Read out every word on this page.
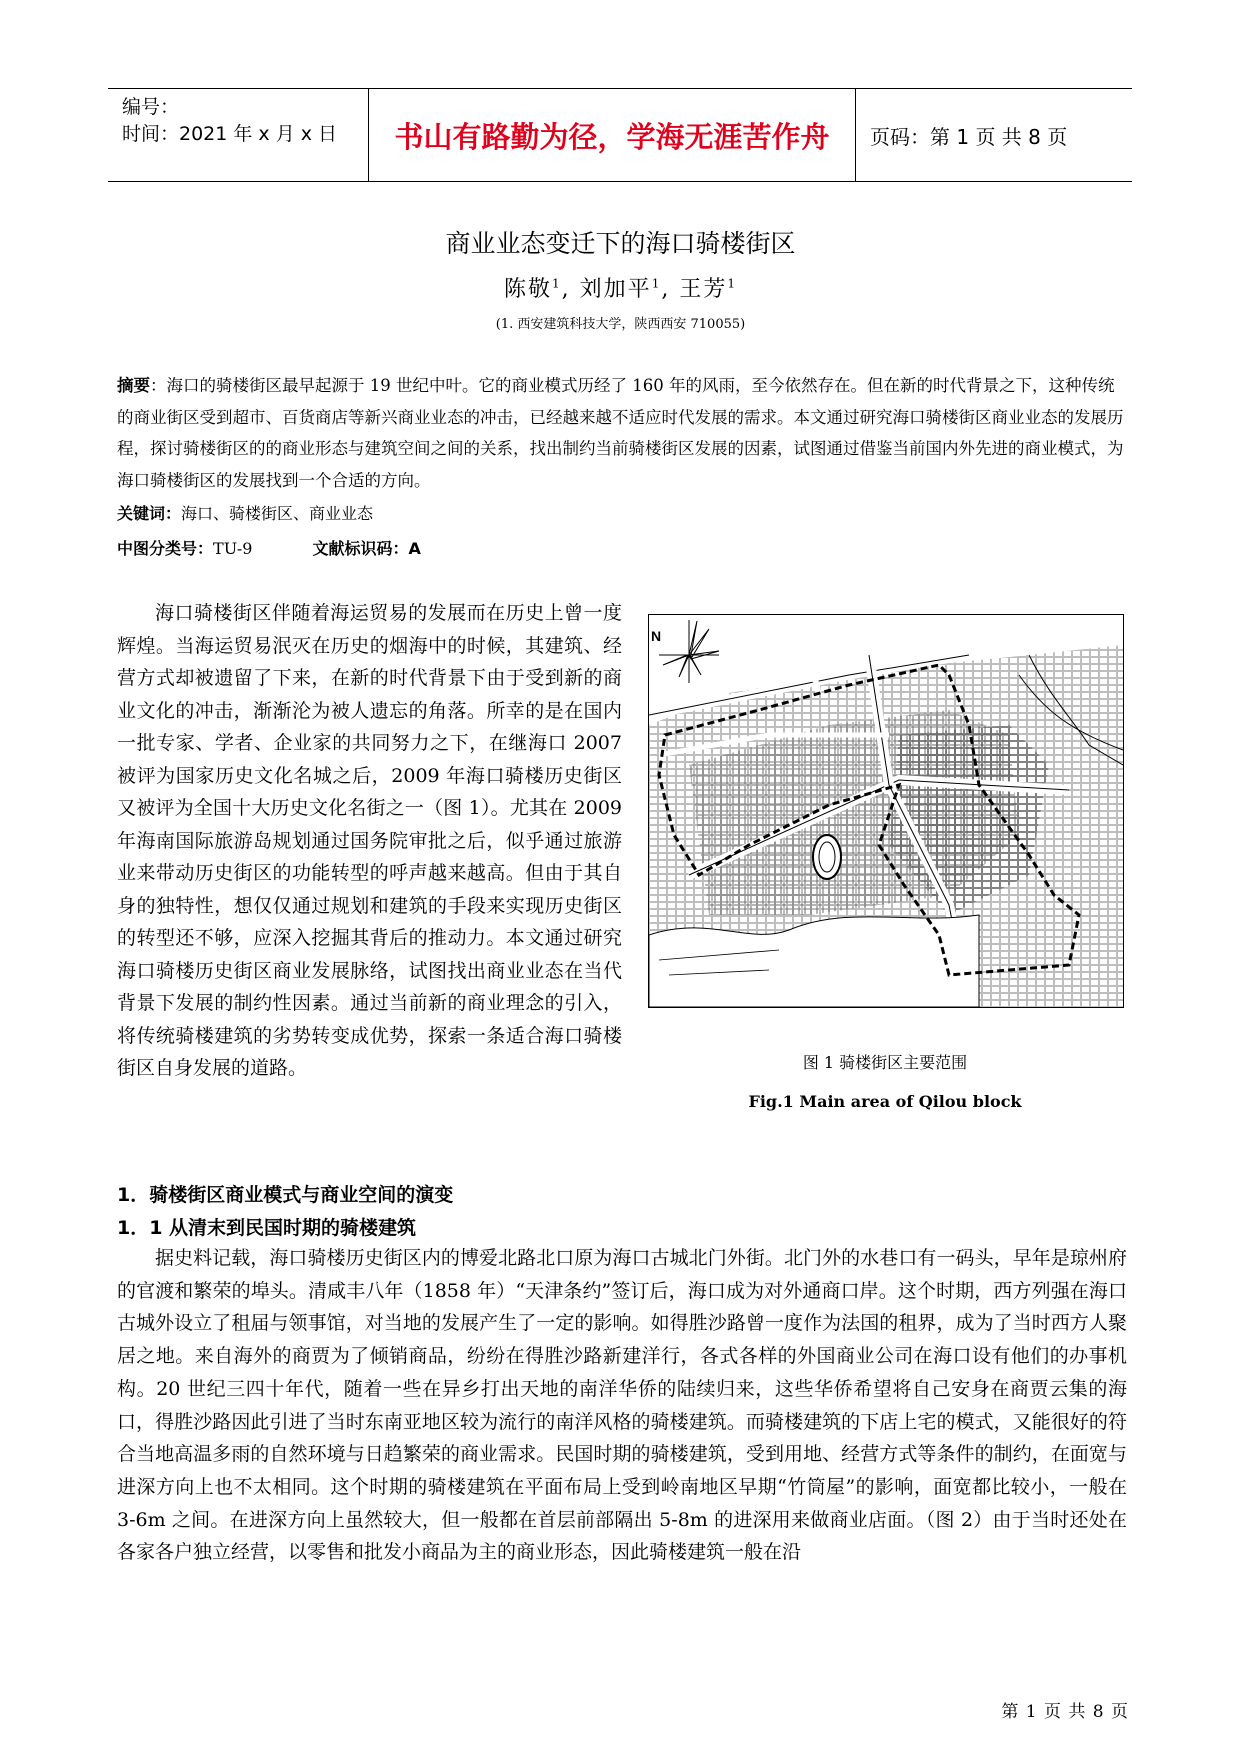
编号：
时间：2021 年 x 月 x 日	书山有路勤为径，学海无涯苦作舟	页码：第 1 页 共 8 页
商业业态变迁下的海口骑楼街区
陈敬$^1$, 刘加平$^1$, 王芳$^1$
(1. 西安建筑科技大学，陕西西安 710055)
摘要：海口的骑楼街区最早起源于 19 世纪中叶。它的商业模式历经了 160 年的风雨，至今依然存在。但在新的时代背景之下，这种传统的商业街区受到超市、百货商店等新兴商业业态的冲击，已经越来越不适应时代发展的需求。本文通过研究海口骑楼街区商业业态的发展历程，探讨骑楼街区的的商业形态与建筑空间之间的关系，找出制约当前骑楼街区发展的因素，试图通过借鉴当前国内外先进的商业模式，为海口骑楼街区的发展找到一个合适的方向。
关键词：海口、骑楼街区、商业业态
中图分类号：TU-9	文献标识码：A
海口骑楼街区伴随着海运贸易的发展而在历史上曾一度辉煌。当海运贸易泯灭在历史的烟海中的时候，其建筑、经营方式却被遗留了下来，在新的时代背景下由于受到新的商业文化的冲击，渐渐沦为被人遗忘的角落。所幸的是在国内一批专家、学者、企业家的共同努力之下，在继海口 2007 被评为国家历史文化名城之后，2009 年海口骑楼历史街区又被评为全国十大历史文化名街之一（图 1）。尤其在 2009 年海南国际旅游岛规划通过国务院审批之后，似乎通过旅游业来带动历史街区的功能转型的呼声越来越高。但由于其自身的独特性，想仅仅通过规划和建筑的手段来实现历史街区的转型还不够，应深入挖掘其背后的推动力。本文通过研究海口骑楼历史街区商业发展脉络，试图找出商业业态在当代背景下发展的制约性因素。通过当前新的商业理念的引入，将传统骑楼建筑的劣势转变成优势，探索一条适合海口骑楼街区自身发展的道路。
N
图 1 骑楼街区主要范围
Fig.1 Main area of Qilou block
1．骑楼街区商业模式与商业空间的演变
1．1 从清末到民国时期的骑楼建筑
据史料记载，海口骑楼历史街区内的博爱北路北口原为海口古城北门外街。北门外的水巷口有一码头，早年是琼州府的官渡和繁荣的埠头。清咸丰八年（1858 年）“天津条约”签订后，海口成为对外通商口岸。这个时期，西方列强在海口古城外设立了租届与领事馆，对当地的发展产生了一定的影响。如得胜沙路曾一度作为法国的租界，成为了当时西方人聚居之地。来自海外的商贾为了倾销商品，纷纷在得胜沙路新建洋行，各式各样的外国商业公司在海口设有他们的办事机构。20 世纪三四十年代，随着一些在异乡打出天地的南洋华侨的陆续归来，这些华侨希望将自己安身在商贾云集的海口，得胜沙路因此引进了当时东南亚地区较为流行的南洋风格的骑楼建筑。而骑楼建筑的下店上宅的模式，又能很好的符合当地高温多雨的自然环境与日趋繁荣的商业需求。民国时期的骑楼建筑，受到用地、经营方式等条件的制约，在面宽与进深方向上也不太相同。这个时期的骑楼建筑在平面布局上受到岭南地区早期“竹筒屋”的影响，面宽都比较小，一般在 3-6m 之间。在进深方向上虽然较大，但一般都在首层前部隔出 5-8m 的进深用来做商业店面。（图 2）由于当时还处在各家各户独立经营，以零售和批发小商品为主的商业形态，因此骑楼建筑一般在沿
第 1 页 共 8 页
